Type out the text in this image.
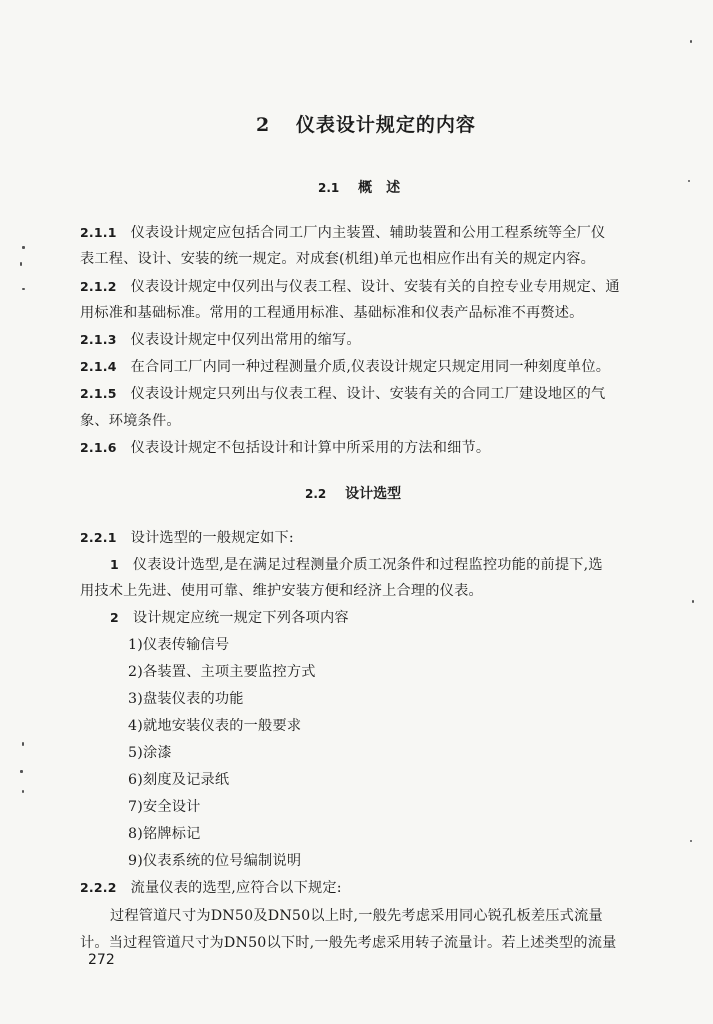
2 仪表设计规定的内容
2.1 概　述
2.1.1 仪表设计规定应包括合同工厂内主装置、辅助装置和公用工程系统等全厂仪
表工程、设计、安装的统一规定。对成套(机组)单元也相应作出有关的规定内容。
2.1.2 仪表设计规定中仅列出与仪表工程、设计、安装有关的自控专业专用规定、通
用标准和基础标准。常用的工程通用标准、基础标准和仪表产品标准不再赘述。
2.1.3 仪表设计规定中仅列出常用的缩写。
2.1.4 在合同工厂内同一种过程测量介质,仪表设计规定只规定用同一种刻度单位。
2.1.5 仪表设计规定只列出与仪表工程、设计、安装有关的合同工厂建设地区的气
象、环境条件。
2.1.6 仪表设计规定不包括设计和计算中所采用的方法和细节。
2.2 设计选型
2.2.1 设计选型的一般规定如下:
1 仪表设计选型,是在满足过程测量介质工况条件和过程监控功能的前提下,选
用技术上先进、使用可靠、维护安装方便和经济上合理的仪表。
2 设计规定应统一规定下列各项内容
1)仪表传输信号
2)各装置、主项主要监控方式
3)盘装仪表的功能
4)就地安装仪表的一般要求
5)涂漆
6)刻度及记录纸
7)安全设计
8)铭牌标记
9)仪表系统的位号编制说明
2.2.2 流量仪表的选型,应符合以下规定:
过程管道尺寸为DN50及DN50以上时,一般先考虑采用同心锐孔板差压式流量
计。当过程管道尺寸为DN50以下时,一般先考虑采用转子流量计。若上述类型的流量
272
